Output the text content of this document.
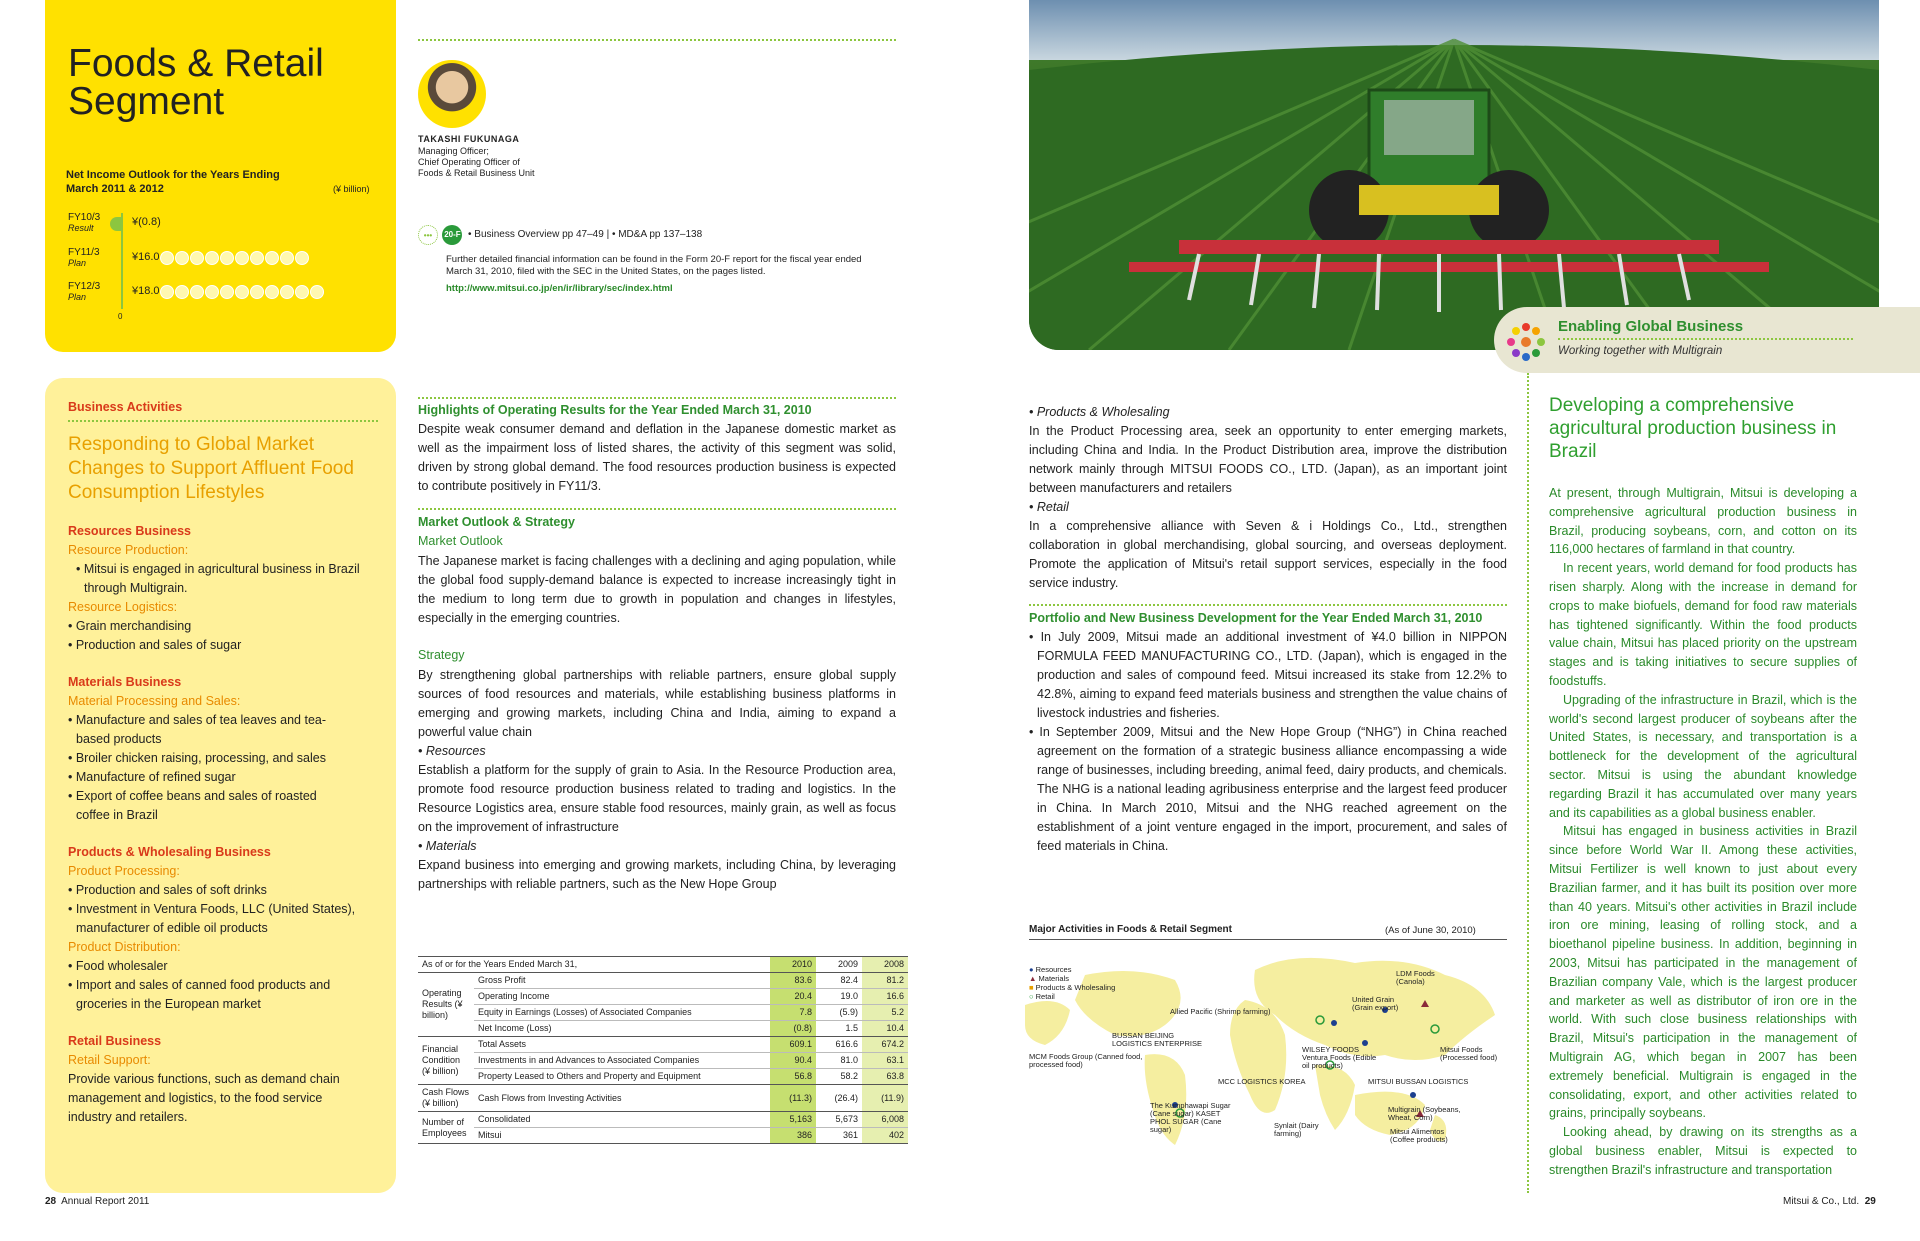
Foods & Retail Segment
Net Income Outlook for the Years Ending March 2011 & 2012	(¥ billion)
0
FY10/3
Result	¥(0.8)
FY11/3
Plan	¥16.0
FY12/3
Plan	¥18.0
Business Activities
Responding to Global Market Changes to Support Affluent Food Consumption Lifestyles
Resources Business
Resource Production:
• Mitsui is engaged in agricultural business in Brazil through Multigrain.
Resource Logistics:
• Grain merchandising
• Production and sales of sugar
Materials Business
Material Processing and Sales:
• Manufacture and sales of tea leaves and tea-based products
• Broiler chicken raising, processing, and sales
• Manufacture of refined sugar
• Export of coffee beans and sales of roasted coffee in Brazil
Products & Wholesaling Business
Product Processing:
• Production and sales of soft drinks
• Investment in Ventura Foods, LLC (United States), manufacturer of edible oil products
Product Distribution:
• Food wholesaler
• Import and sales of canned food products and groceries in the European market
Retail Business
Retail Support:
Provide various functions, such as demand chain management and logistics, to the food service industry and retailers.
TAKASHI FUKUNAGA
Managing Officer;
Chief Operating Officer of
Foods & Retail Business Unit
••• 20-F • Business Overview pp 47–49 | • MD&A pp 137–138
Further detailed financial information can be found in the Form 20-F report for the fiscal year ended March 31, 2010, filed with the SEC in the United States, on the pages listed.
http://www.mitsui.co.jp/en/ir/library/sec/index.html
Highlights of Operating Results for the Year Ended March 31, 2010
Despite weak consumer demand and deflation in the Japanese domestic market as well as the impairment loss of listed shares, the activity of this segment was solid, driven by strong global demand. The food resources production business is expected to contribute positively in FY11/3.
Market Outlook & Strategy
Market Outlook
The Japanese market is facing challenges with a declining and aging population, while the global food supply-demand balance is expected to increase increasingly tight in the medium to long term due to growth in population and changes in lifestyles, especially in the emerging countries.
Strategy
By strengthening global partnerships with reliable partners, ensure global supply sources of food resources and materials, while establishing business platforms in emerging and growing markets, including China and India, aiming to expand a powerful value chain
• Resources
Establish a platform for the supply of grain to Asia. In the Resource Production area, promote food resource production business related to trading and logistics. In the Resource Logistics area, ensure stable food resources, mainly grain, as well as focus on the improvement of infrastructure
• Materials
Expand business into emerging and growing markets, including China, by leveraging partnerships with reliable partners, such as the New Hope Group
As of or for the Years Ended March 31,		2010	2009	2008
Operating Results (¥ billion)	Gross Profit	83.6	82.4	81.2
	Operating Income	20.4	19.0	16.6
	Equity in Earnings (Losses) of Associated Companies	7.8	(5.9)	5.2
	Net Income (Loss)	(0.8)	1.5	10.4
Financial Condition (¥ billion)	Total Assets	609.1	616.6	674.2
	Investments in and Advances to Associated Companies	90.4	81.0	63.1
	Property Leased to Others and Property and Equipment	56.8	58.2	63.8
Cash Flows (¥ billion)	Cash Flows from Investing Activities	(11.3)	(26.4)	(11.9)
Number of Employees	Consolidated	5,163	5,673	6,008
	Mitsui	386	361	402
28 Annual Report 2011
• Products & Wholesaling
In the Product Processing area, seek an opportunity to enter emerging markets, including China and India. In the Product Distribution area, improve the distribution network mainly through MITSUI FOODS CO., LTD. (Japan), as an important joint between manufacturers and retailers
• Retail
In a comprehensive alliance with Seven & i Holdings Co., Ltd., strengthen collaboration in global merchandising, global sourcing, and overseas deployment. Promote the application of Mitsui's retail support services, especially in the food service industry.
Portfolio and New Business Development for the Year Ended March 31, 2010
• In July 2009, Mitsui made an additional investment of ¥4.0 billion in NIPPON FORMULA FEED MANUFACTURING CO., LTD. (Japan), which is engaged in the production and sales of compound feed. Mitsui increased its stake from 12.2% to 42.8%, aiming to expand feed materials business and strengthen the value chains of livestock industries and fisheries.
• In September 2009, Mitsui and the New Hope Group (“NHG”) in China reached agreement on the formation of a strategic business alliance encompassing a wide range of businesses, including breeding, animal feed, dairy products, and chemicals. The NHG is a national leading agribusiness enterprise and the largest feed producer in China. In March 2010, Mitsui and the NHG reached agreement on the establishment of a joint venture engaged in the import, procurement, and sales of feed materials in China.
Major Activities in Foods & Retail Segment	(As of June 30, 2010)
● Resources
▲ Materials
■ Products & Wholesaling
○ Retail
LDM Foods (Canola)
Allied Pacific (Shrimp farming)
United Grain (Grain export)
BUSSAN BEIJING LOGISTICS ENTERPRISE
MCM Foods Group (Canned food, processed food)
WILSEY FOODS Ventura Foods (Edible oil products)
Mitsui Foods (Processed food)
MCC LOGISTICS KOREA	MITSUI BUSSAN LOGISTICS
The Kumphawapi Sugar (Cane sugar) KASET PHOL SUGAR (Cane sugar)	Synlait (Dairy farming)
Multigrain (Soybeans, Wheat, Corn)
Mitsui Alimentos (Coffee products)
Enabling Global Business
Working together with Multigrain
Developing a comprehensive agricultural production business in Brazil

At present, through Multigrain, Mitsui is developing a comprehensive agricultural production business in Brazil, producing soybeans, corn, and cotton on its 116,000 hectares of farmland in that country.

In recent years, world demand for food products has risen sharply. Along with the increase in demand for crops to make biofuels, demand for food raw materials has tightened significantly. Within the food products value chain, Mitsui has placed priority on the upstream stages and is taking initiatives to secure supplies of foodstuffs.

Upgrading of the infrastructure in Brazil, which is the world's second largest producer of soybeans after the United States, is necessary, and transportation is a bottleneck for the development of the agricultural sector. Mitsui is using the abundant knowledge regarding Brazil it has accumulated over many years and its capabilities as a global business enabler.

Mitsui has engaged in business activities in Brazil since before World War II. Among these activities, Mitsui Fertilizer is well known to just about every Brazilian farmer, and it has built its position over more than 40 years. Mitsui's other activities in Brazil include iron ore mining, leasing of rolling stock, and a bioethanol pipeline business. In addition, beginning in 2003, Mitsui has participated in the management of Brazilian company Vale, which is the largest producer and marketer as well as distributor of iron ore in the world. With such close business relationships with Brazil, Mitsui's participation in the management of Multigrain AG, which began in 2007 has been extremely beneficial. Multigrain is engaged in the consolidating, export, and other activities related to grains, principally soybeans.

Looking ahead, by drawing on its strengths as a global business enabler, Mitsui is expected to strengthen Brazil's infrastructure and transportation

Mitsui & Co., Ltd. 29
